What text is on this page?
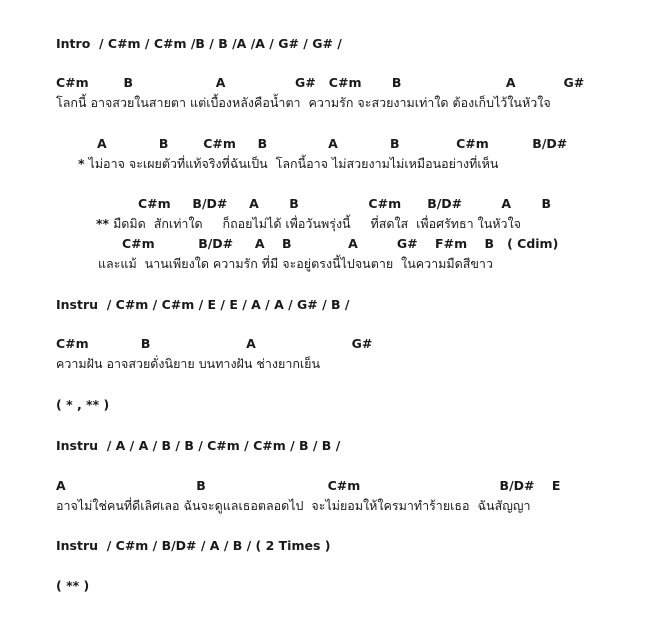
Intro  / C#m / C#m /B / B /A /A / G# / G# /
C#m        B                   A                G#   C#m       B                        A           G#
โลกนี้ อาจสวยในสายตา แต่เบื้องหลังคือน้ำตา  ความรัก จะสวยงามเท่าใด ต้องเก็บไว้ในหัวใจ
A            B        C#m     B              A            B             C#m          B/D#
* ไม่อาจ จะเผยตัวที่แท้จริงที่ฉันเป็น  โลกนี้อาจ ไม่สวยงามไม่เหมือนอย่างที่เห็น
C#m     B/D#     A       B                C#m      B/D#         A       B
** มืดมิด  สักเท่าใด     ก็ถอยไม่ได้ เพื่อวันพรุ่งนี้     ที่สดใส  เพื่อศรัทธา ในหัวใจ
C#m          B/D#     A    B             A         G#    F#m    B   ( Cdim)
และแม้  นานเพียงใด ความรัก ที่มี จะอยู่ตรงนี้ไปจนตาย  ในความมืดสีขาว
Instru  / C#m / C#m / E / E / A / A / G# / B /
C#m            B                      A                      G#
ความฝัน อาจสวยดั่งนิยาย บนทางฝัน ช่างยากเย็น
( * , ** )
Instru  / A / A / B / B / C#m / C#m / B / B /
A                              B                            C#m                                B/D#    E
อาจไม่ใช่คนที่ดีเลิศเลอ ฉันจะดูแลเธอตลอดไป  จะไม่ยอมให้ใครมาทำร้ายเธอ  ฉันสัญญา
Instru  / C#m / B/D# / A / B / ( 2 Times )
( ** )
